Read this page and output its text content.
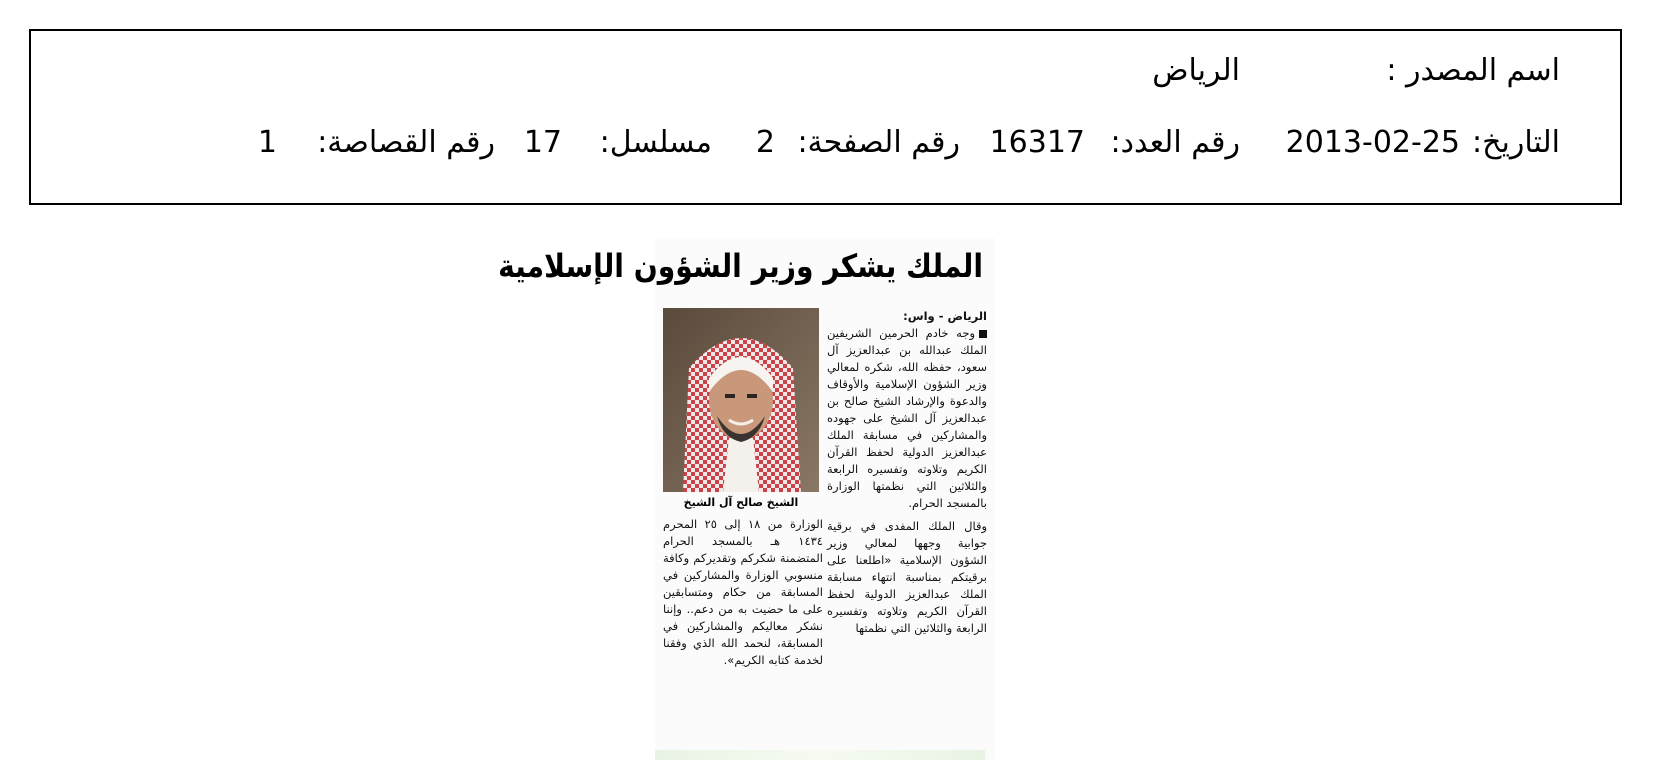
اسم المصدر :
الرياض
التاريخ:
2013-02-25
رقم العدد:
16317
رقم الصفحة:
2
مسلسل:
17
رقم القصاصة:
1
الملك يشكر وزير الشؤون الإسلامية
الرياض - واس:
وجه خادم الحرمين الشريفين الملك عبدالله بن عبدالعزيز آل سعود، حفظه الله، شكره لمعالي وزير الشؤون الإسلامية والأوقاف والدعوة والإرشاد الشيخ صالح بن عبدالعزيز آل الشيخ على جهوده والمشاركين في مسابقة الملك عبدالعزيز الدولية لحفظ القرآن الكريم وتلاوته وتفسيره الرابعة والثلاثين التي نظمتها الوزارة بالمسجد الحرام.
وقال الملك المفدى في برقية جوابية وجهها لمعالي وزير الشؤون الإسلامية «اطلعنا على برقيتكم بمناسبة انتهاء مسابقة الملك عبدالعزيز الدولية لحفظ القرآن الكريم وتلاوته وتفسيره الرابعة والثلاثين التي نظمتها
الشيخ صالح آل الشيخ
الوزارة من ١٨ إلى ٢٥ المحرم ١٤٣٤ هـ بالمسجد الحرام المتضمنة شكركم وتقديركم وكافة منسوبي الوزارة والمشاركين في المسابقة من حكام ومتسابقين على ما حضيت به من دعم.. وإننا نشكر معاليكم والمشاركين في المسابقة، لنحمد الله الذي وفقنا لخدمة كتابه الكريم».
